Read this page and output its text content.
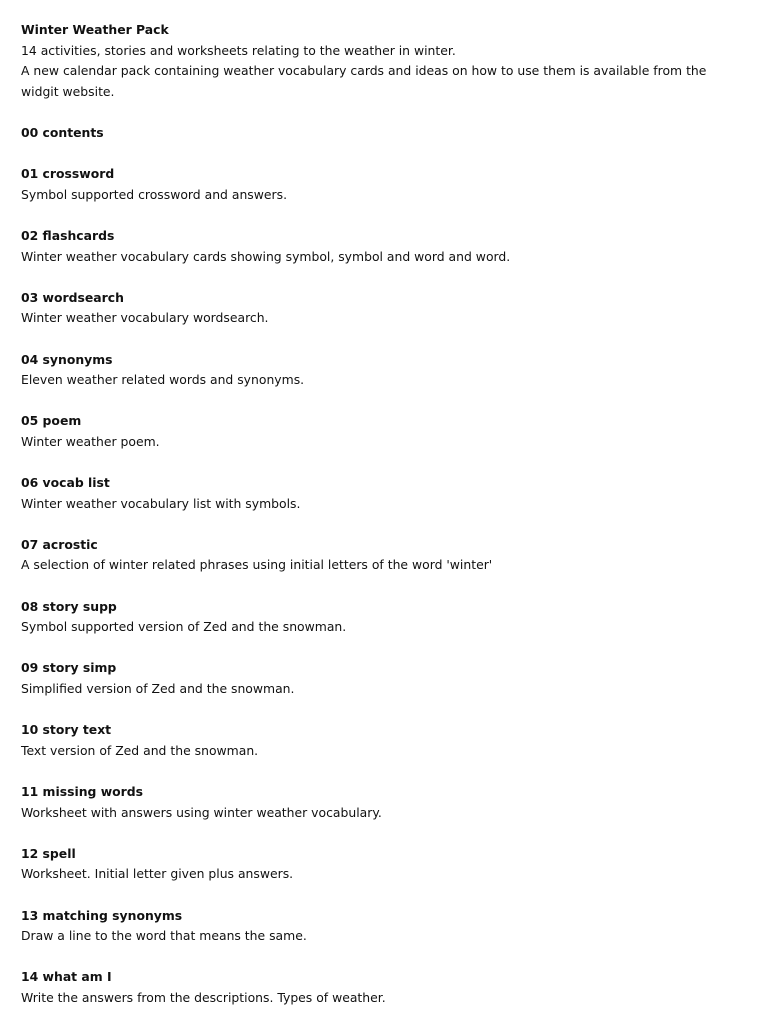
Winter Weather Pack

14 activities, stories and worksheets relating to the weather in winter.

A new calendar pack containing weather vocabulary cards and ideas on how to use them is available from the

widgit website.

00 contents

01 crossword

Symbol supported crossword and answers.

02 flashcards

Winter weather vocabulary cards showing symbol, symbol and word and word.

03 wordsearch

Winter weather vocabulary wordsearch.

04 synonyms

Eleven weather related words and synonyms.

05 poem

Winter weather poem.

06 vocab list

Winter weather vocabulary list with symbols.

07 acrostic

A selection of winter related phrases using initial letters of the word 'winter'

08 story supp

Symbol supported version of Zed and the snowman.

09 story simp

Simplified version of Zed and the snowman.

10 story text

Text version of Zed and the snowman.

11 missing words

Worksheet with answers using winter weather vocabulary.

12 spell

Worksheet. Initial letter given plus answers.

13 matching synonyms

Draw a line to the word that means the same.

14 what am I

Write the answers from the descriptions. Types of weather.
